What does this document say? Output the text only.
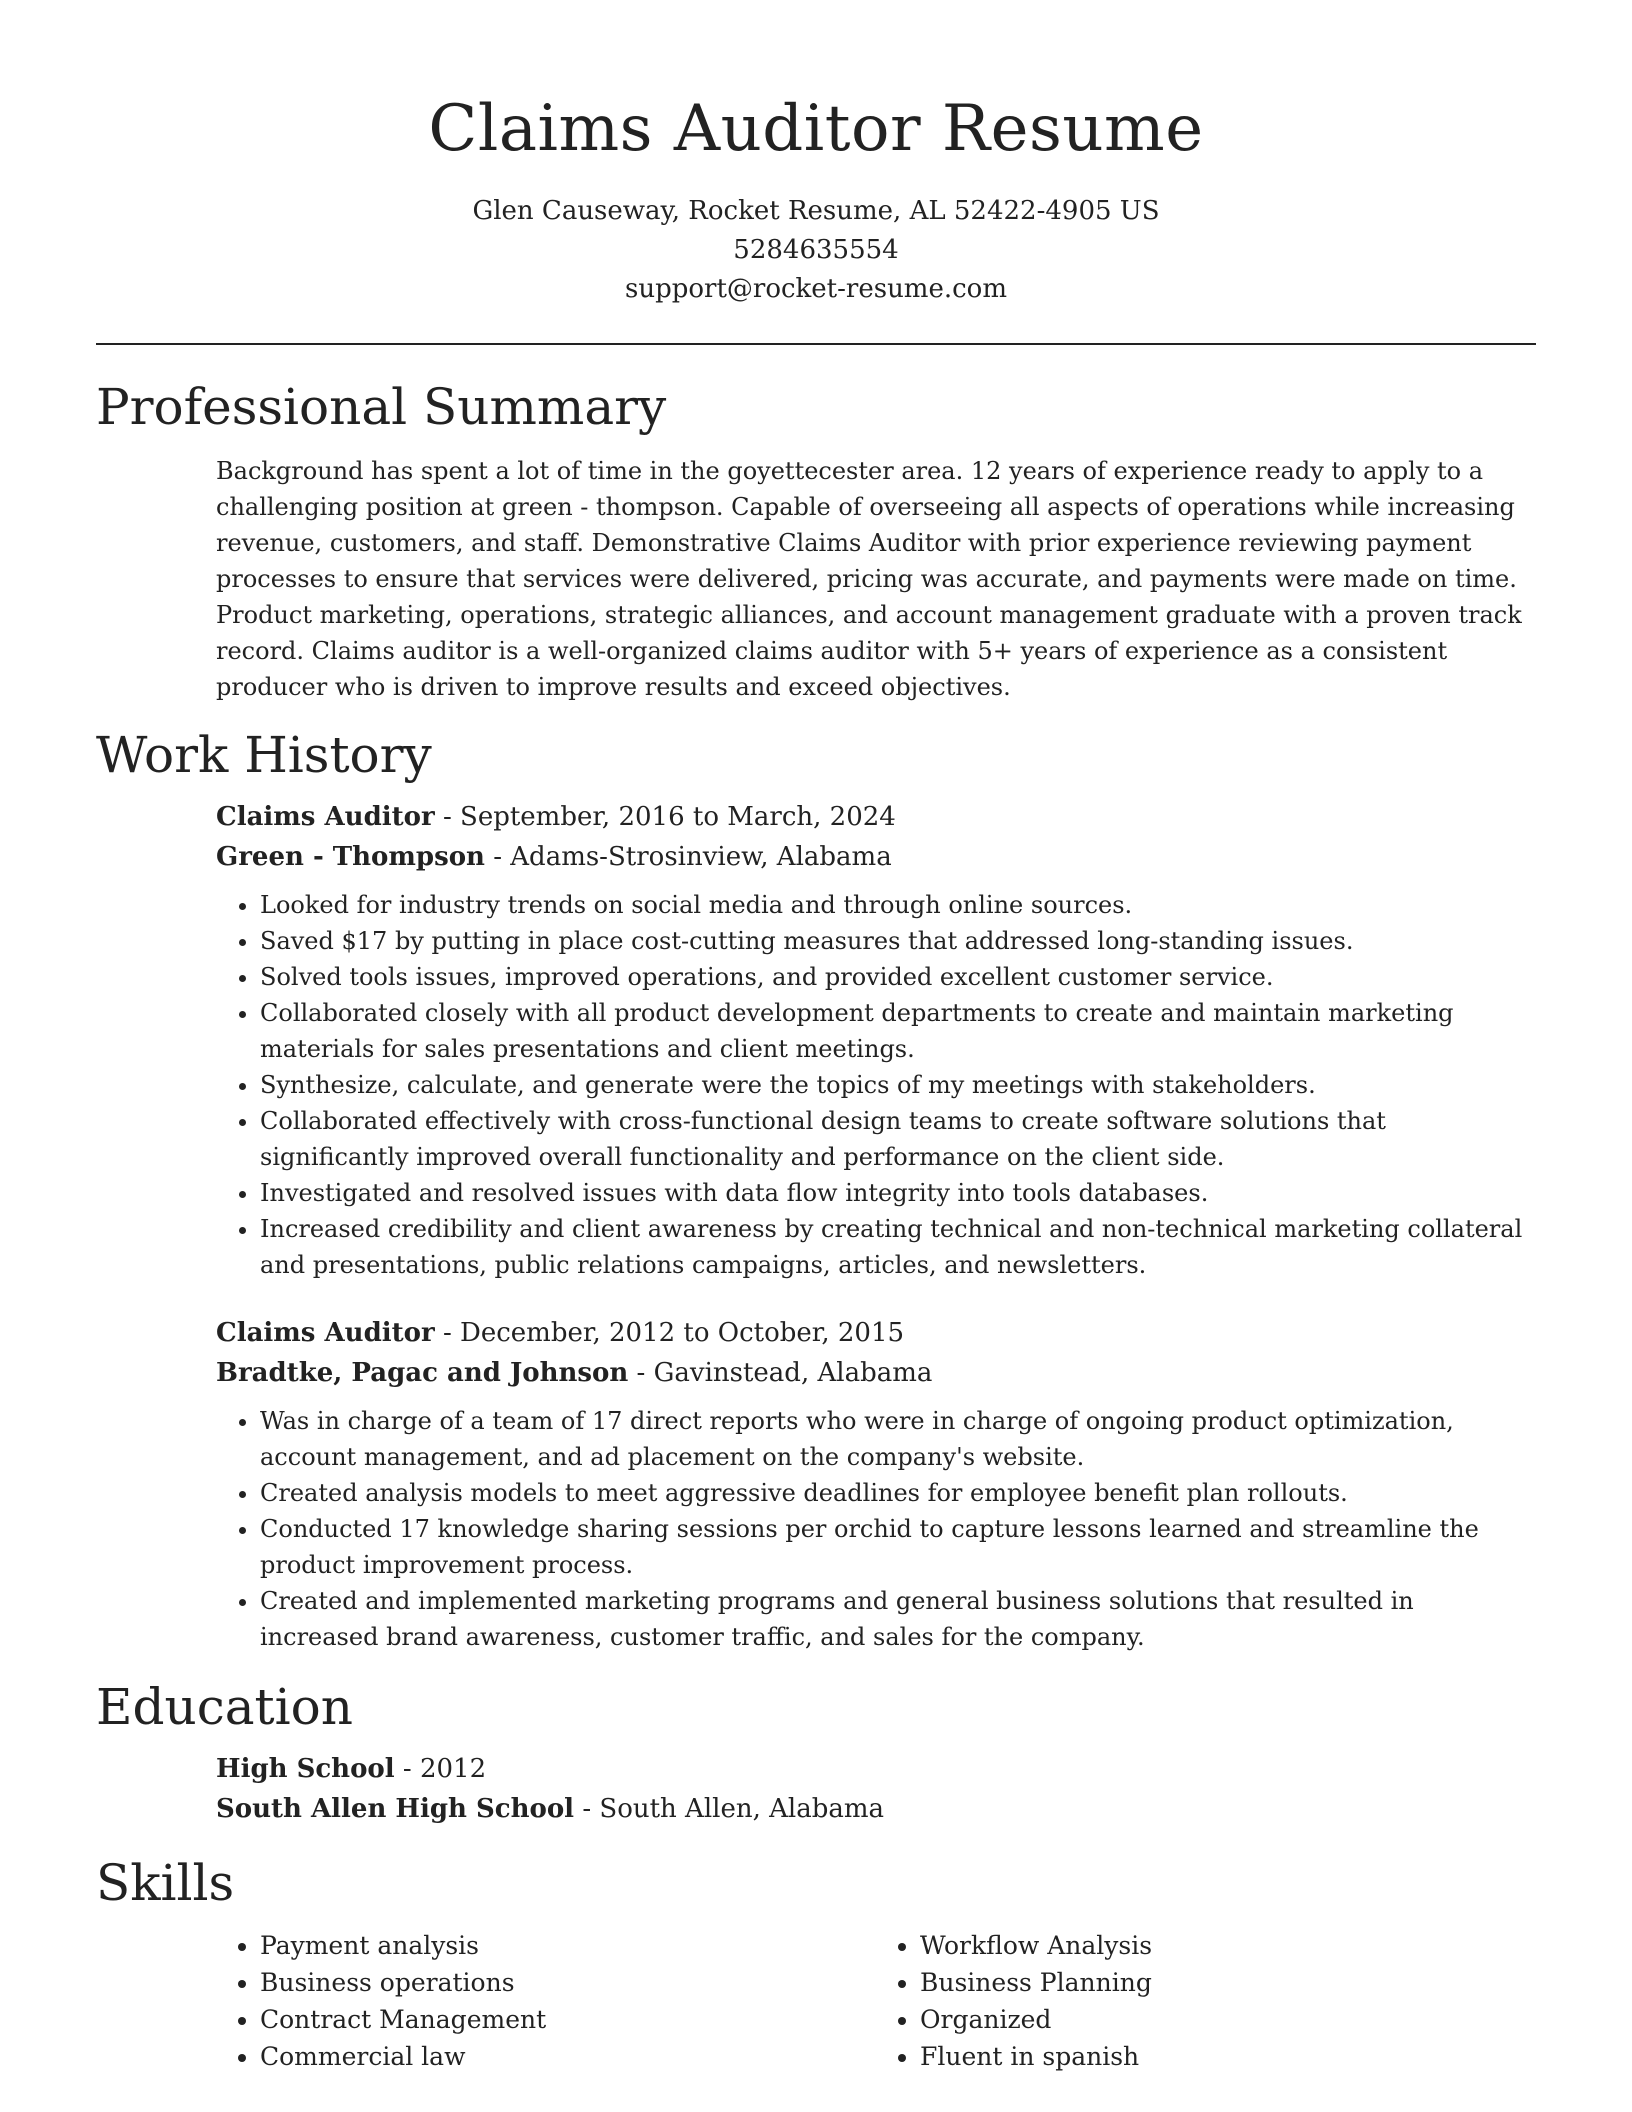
Claims Auditor Resume

Glen Causeway, Rocket Resume, AL 52422-4905 US

5284635554

support@rocket-resume.com

Professional Summary

Background has spent a lot of time in the goyettecester area. 12 years of experience ready to apply to a challenging position at green - thompson. Capable of overseeing all aspects of operations while increasing revenue, customers, and staff. Demonstrative Claims Auditor with prior experience reviewing payment processes to ensure that services were delivered, pricing was accurate, and payments were made on time. Product marketing, operations, strategic alliances, and account management graduate with a proven track record. Claims auditor is a well-organized claims auditor with 5+ years of experience as a consistent producer who is driven to improve results and exceed objectives.

Work History

Claims Auditor - September, 2016 to March, 2024

Green - Thompson - Adams-Strosinview, Alabama

• Looked for industry trends on social media and through online sources.
• Saved $17 by putting in place cost-cutting measures that addressed long-standing issues.
• Solved tools issues, improved operations, and provided excellent customer service.
• Collaborated closely with all product development departments to create and maintain marketing materials for sales presentations and client meetings.
• Synthesize, calculate, and generate were the topics of my meetings with stakeholders.
• Collaborated effectively with cross-functional design teams to create software solutions that significantly improved overall functionality and performance on the client side.
• Investigated and resolved issues with data flow integrity into tools databases.
• Increased credibility and client awareness by creating technical and non-technical marketing collateral and presentations, public relations campaigns, articles, and newsletters.

Claims Auditor - December, 2012 to October, 2015

Bradtke, Pagac and Johnson - Gavinstead, Alabama

• Was in charge of a team of 17 direct reports who were in charge of ongoing product optimization, account management, and ad placement on the company's website.
• Created analysis models to meet aggressive deadlines for employee benefit plan rollouts.
• Conducted 17 knowledge sharing sessions per orchid to capture lessons learned and streamline the product improvement process.
• Created and implemented marketing programs and general business solutions that resulted in increased brand awareness, customer traffic, and sales for the company.
Education

High School - 2012

South Allen High School - South Allen, Alabama

Skills
• Payment analysis
• Business operations
• Contract Management
• Commercial law
• Workflow Analysis
• Business Planning
• Organized
• Fluent in spanish
